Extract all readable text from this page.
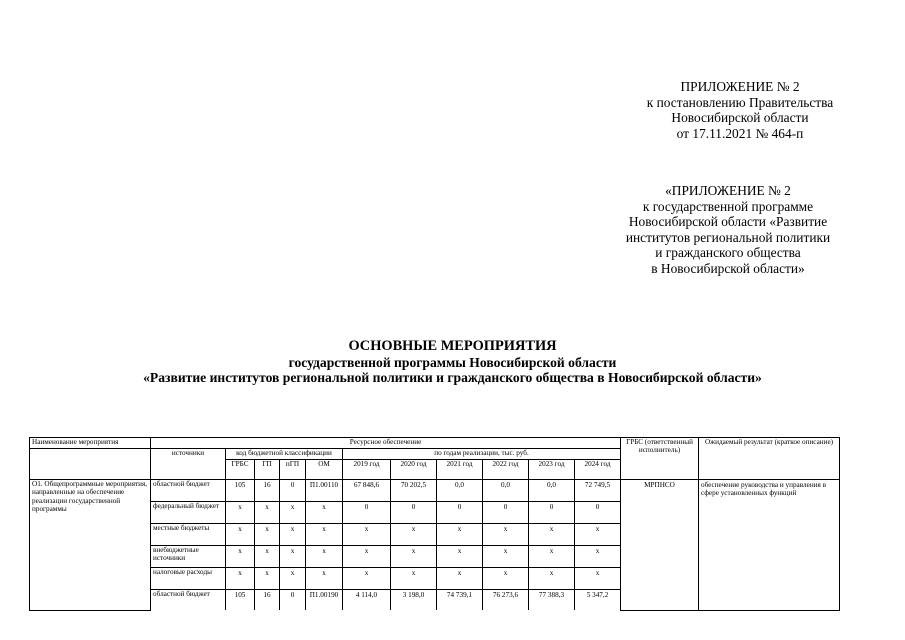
ПРИЛОЖЕНИЕ № 2
к постановлению Правительства
Новосибирской области
от 17.11.2021 № 464-п
«ПРИЛОЖЕНИЕ № 2
к государственной программе
Новосибирской области «Развитие
институтов региональной политики
и гражданского общества
в Новосибирской области»
ОСНОВНЫЕ МЕРОПРИЯТИЯ
государственной программы Новосибирской области
«Развитие институтов региональной политики и гражданского общества в Новосибирской области»
Наименование мероприятия	Ресурсное обеспечение											ГРБС (ответственный исполнитель)	Ожидаемый результат (краткое описание)
	источники	код бюджетной классификации				по годам реализации, тыс. руб.							
		ГРБС	ГП	пГП	ОМ	2019 год	2020 год	2021 год	2022 год	2023 год	2024 год		
О1. Общепрограммные мероприятия, направленные на обеспечение реализации государственной программы	областной бюджет	105	16	0	П1.00110	67 848,6	70 202,5	0,0	0,0	0,0	72 749,5	МРПНСО	обеспечение руководства и управления в сфере установленных функций
	федеральный бюджет	х	х	х	х	0	0	0	0	0	0		
	местные бюджеты	х	х	х	х	х	х	х	х	х	х		
	внебюджетные источники	х	х	х	х	х	х	х	х	х	х		
	налоговые расходы	х	х	х	х	х	х	х	х	х	х		
	областной бюджет	105	16	0	П1.00190	4 114,0	3 198,0	74 739,1	76 273,6	77 388,3	5 347,2		
